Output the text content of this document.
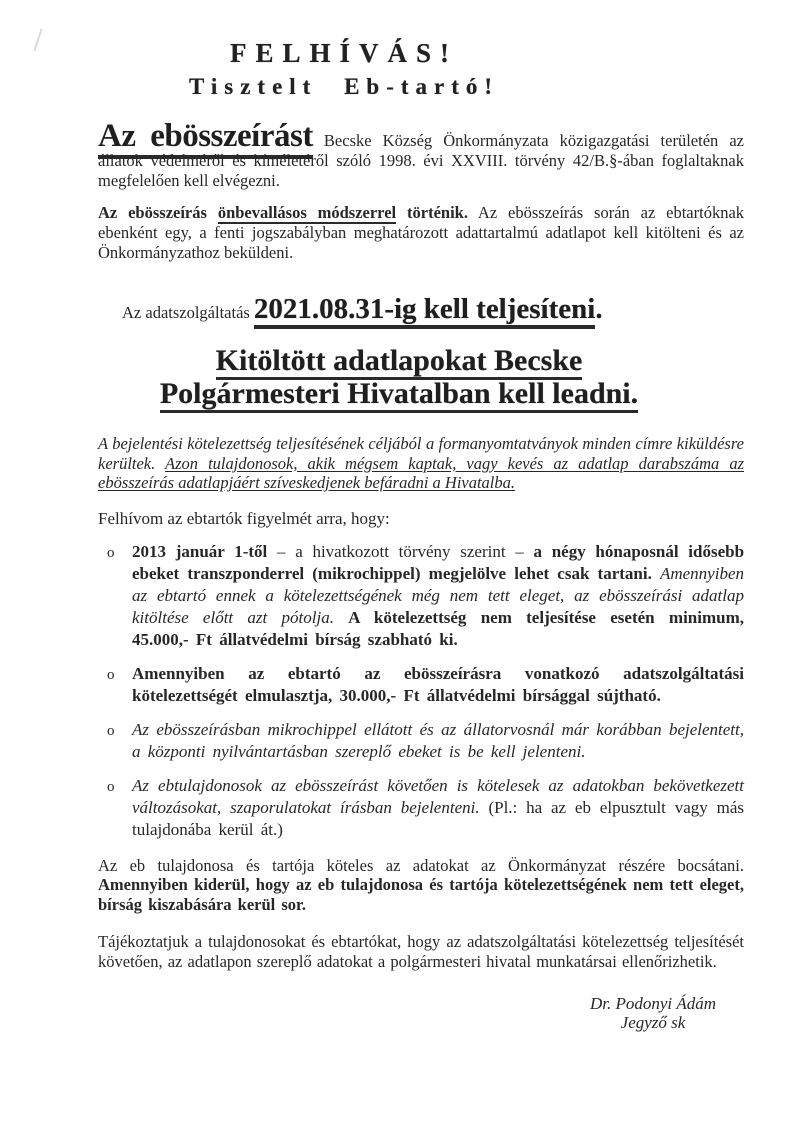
FELHÍVÁS!
Tisztelt Eb-tartó!

Az ebösszeírást Becske Község Önkormányzata közigazgatási területén az állatok védelméről és kíméletéről szóló 1998. évi XXVIII. törvény 42/B.§-ában foglaltaknak megfelelően kell elvégezni.

Az ebösszeírás önbevallásos módszerrel történik. Az ebösszeírás során az ebtartóknak ebenként egy, a fenti jogszabályban meghatározott adattartalmú adatlapot kell kitölteni és az Önkormányzathoz beküldeni.

Az adatszolgáltatás 2021.08.31-ig kell teljesíteni.

Kitöltött adatlapokat Becske
Polgármesteri Hivatalban kell leadni.

A bejelentési kötelezettség teljesítésének céljából a formanyomtatványok minden címre kiküldésre kerültek. Azon tulajdonosok, akik mégsem kaptak, vagy kevés az adatlap darabszáma az ebösszeírás adatlapjáért szíveskedjenek befáradni a Hivatalba.

Felhívom az ebtartók figyelmét arra, hogy:

o 2013 január 1-től – a hivatkozott törvény szerint – a négy hónaposnál idősebb ebeket transzponderrel (mikrochippel) megjelölve lehet csak tartani. Amennyiben az ebtartó ennek a kötelezettségének még nem tett eleget, az ebösszeírási adatlap kitöltése előtt azt pótolja. A kötelezettség nem teljesítése esetén minimum, 45.000,- Ft állatvédelmi bírság szabható ki.
o Amennyiben az ebtartó az ebösszeírásra vonatkozó adatszolgáltatási kötelezettségét elmulasztja, 30.000,- Ft állatvédelmi bírsággal sújtható.
o Az ebösszeírásban mikrochippel ellátott és az állatorvosnál már korábban bejelentett, a központi nyilvántartásban szereplő ebeket is be kell jelenteni.
o Az ebtulajdonosok az ebösszeírást követően is kötelesek az adatokban bekövetkezett változásokat, szaporulatokat írásban bejelenteni. (Pl.: ha az eb elpusztult vagy más tulajdonába kerül át.)

Az eb tulajdonosa és tartója köteles az adatokat az Önkormányzat részére bocsátani. Amennyiben kiderül, hogy az eb tulajdonosa és tartója kötelezettségének nem tett eleget, bírság kiszabására kerül sor.

Tájékoztatjuk a tulajdonosokat és ebtartókat, hogy az adatszolgáltatási kötelezettség teljesítését követően, az adatlapon szereplő adatokat a polgármesteri hivatal munkatársai ellenőrizhetik.

Dr. Podonyi Ádám
Jegyző sk
